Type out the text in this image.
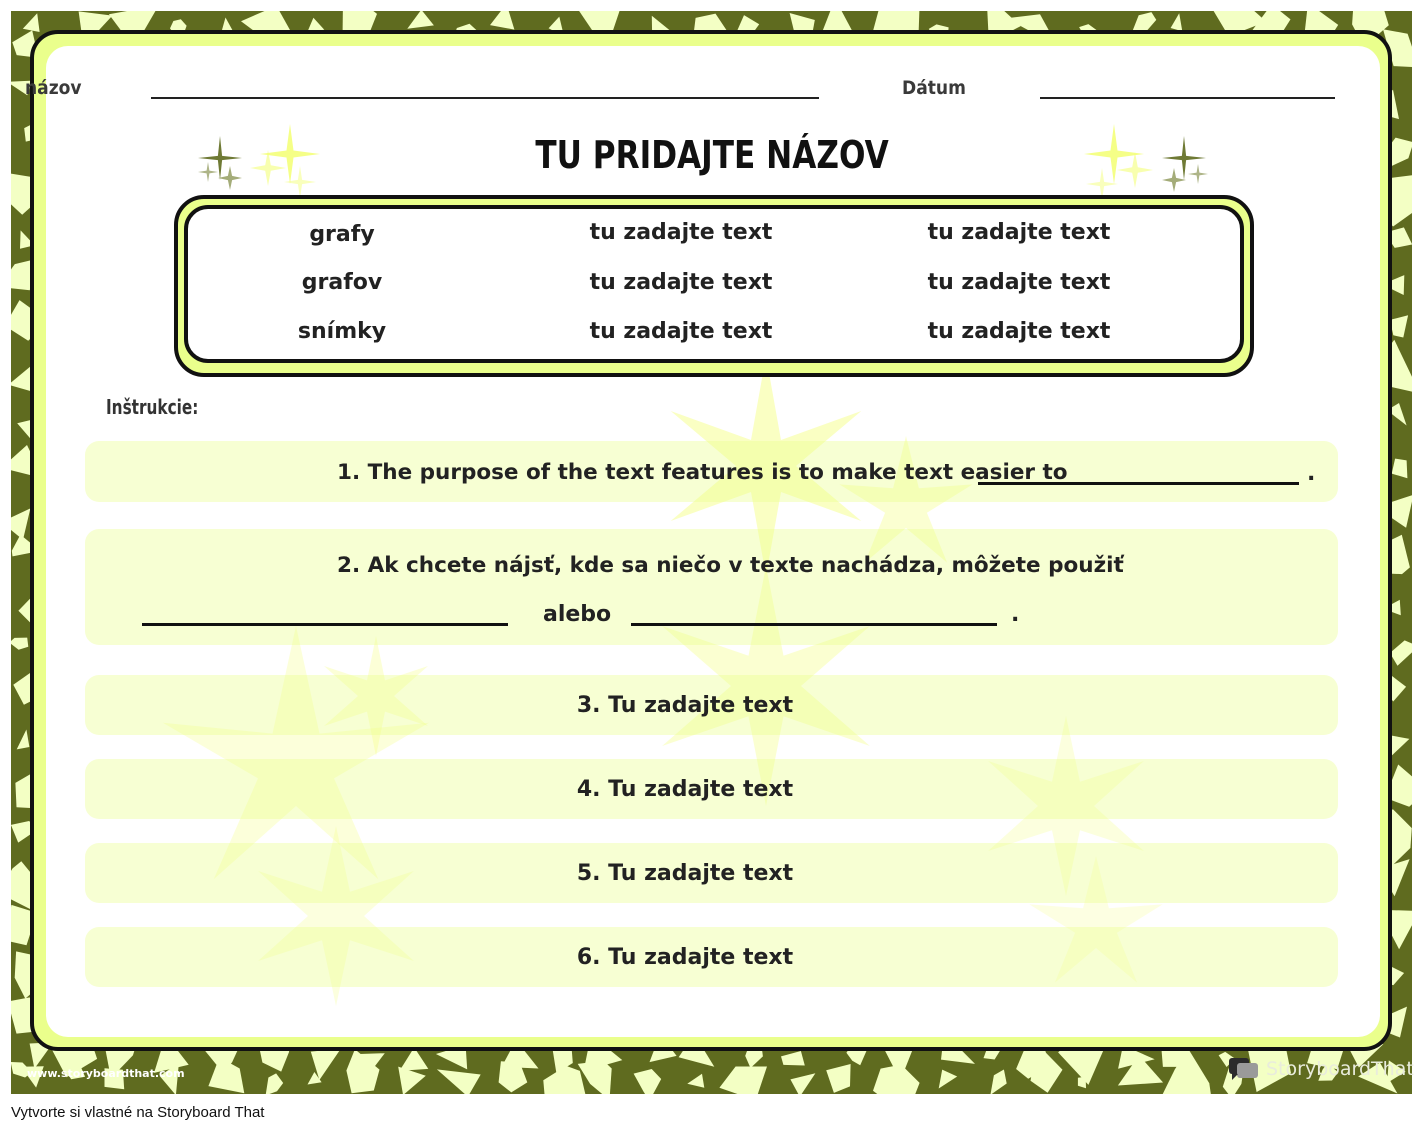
názov	Dátum
TU PRIDAJTE NÁZOV
grafy	tu zadajte text	tu zadajte text
grafov	tu zadajte text	tu zadajte text
snímky	tu zadajte text	tu zadajte text
Inštrukcie:
1. The purpose of the text features is to make text easier to	.
2. Ak chcete nájsť, kde sa niečo v texte nachádza, môžete použiť
alebo	.
3. Tu zadajte text
4. Tu zadajte text
5. Tu zadajte text
6. Tu zadajte text
www.storyboardthat.com	StoryboardThat
Vytvorte si vlastné na Storyboard That
